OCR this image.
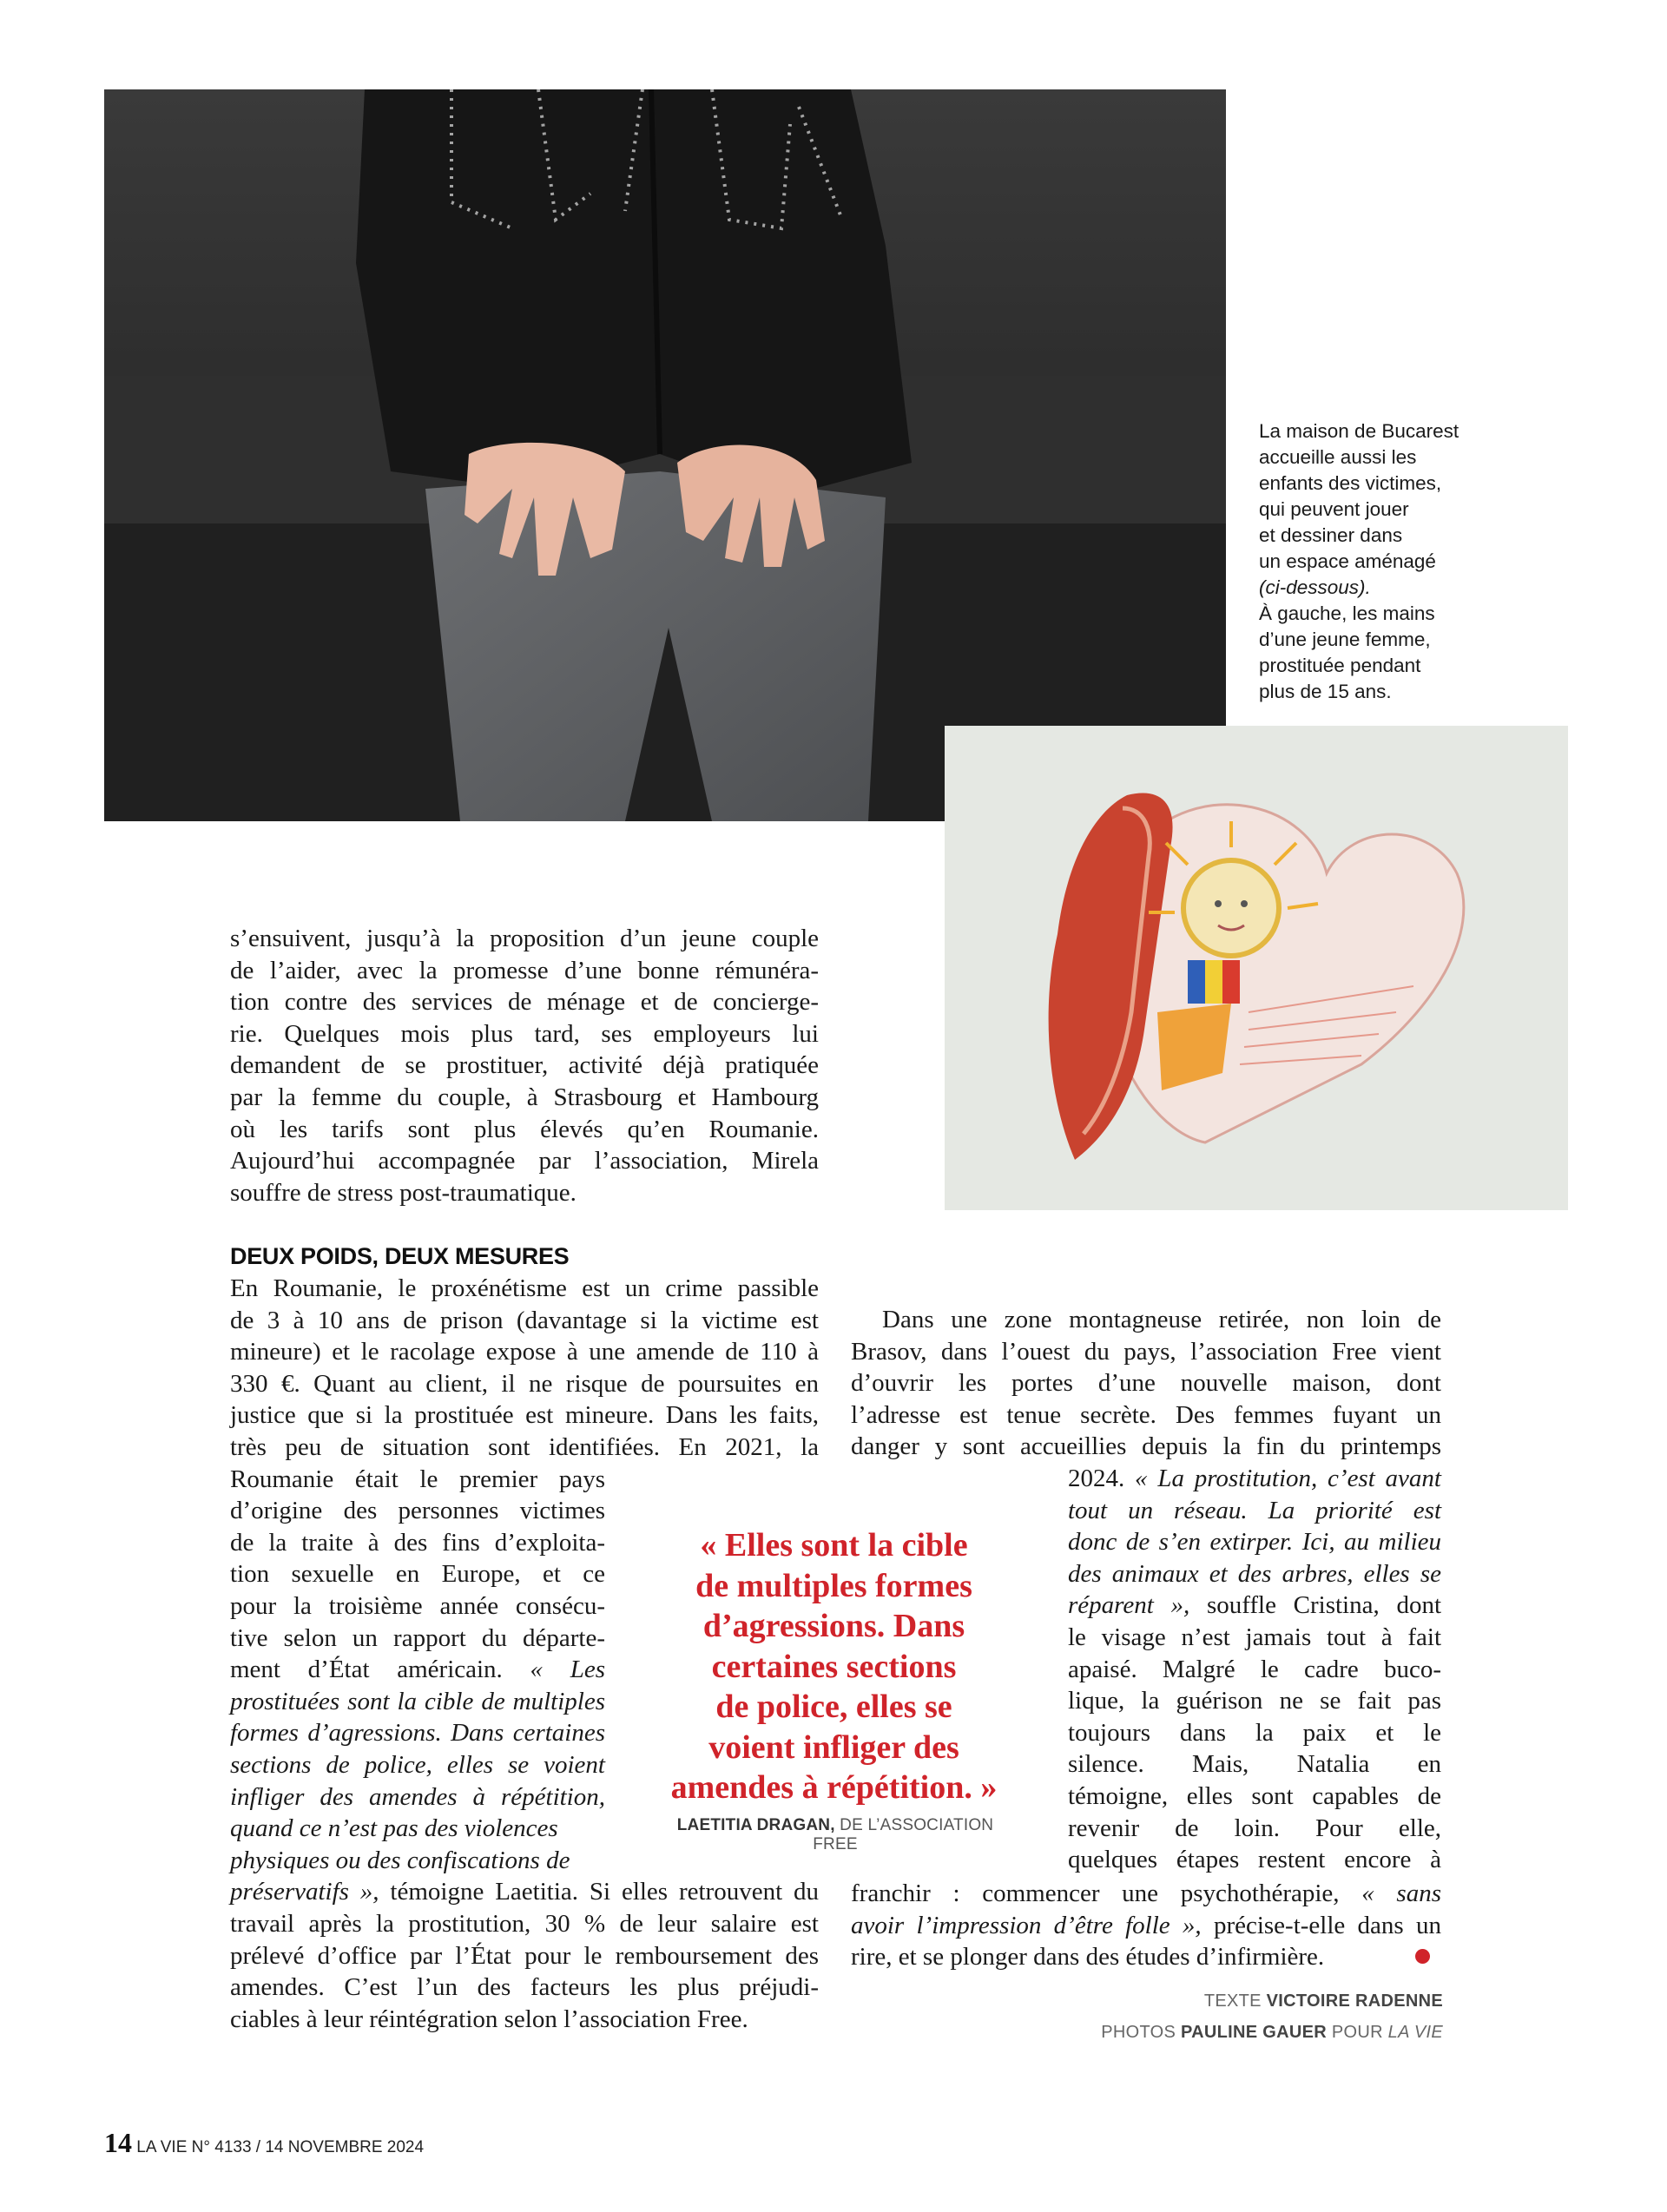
La maison de Bucarest
accueille aussi les
enfants des victimes,
qui peuvent jouer
et dessiner dans
un espace aménagé
(ci-dessous).
À gauche, les mains
d’une jeune femme,
prostituée pendant
plus de 15 ans.
s’ensuivent, jusqu’à la proposition d’un jeune couple
de l’aider, avec la promesse d’une bonne rémunéra-
tion contre des services de ménage et de concierge-
rie. Quelques mois plus tard, ses employeurs lui
demandent de se prostituer, activité déjà pratiquée
par la femme du couple, à Strasbourg et Hambourg
où les tarifs sont plus élevés qu’en Roumanie.
Aujourd’hui accompagnée par l’association, Mirela
souffre de stress post-traumatique.
DEUX POIDS, DEUX MESURES
En Roumanie, le proxénétisme est un crime passible
de 3 à 10 ans de prison (davantage si la victime est
mineure) et le racolage expose à une amende de 110 à
330 €. Quant au client, il ne risque de poursuites en
justice que si la prostituée est mineure. Dans les faits,
très peu de situation sont identifiées. En 2021, la
Roumanie était le premier pays
d’origine des personnes victimes
de la traite à des fins d’exploita-
tion sexuelle en Europe, et ce
pour la troisième année consécu-
tive selon un rapport du départe-
ment d’État américain. « Les
prostituées sont la cible de multiples
formes d’agressions. Dans certaines
sections de police, elles se voient
infliger des amendes à répétition,
quand ce n’est pas des violences
physiques ou des confiscations de
préservatifs », témoigne Laetitia. Si elles retrouvent du
travail après la prostitution, 30 % de leur salaire est
prélevé d’office par l’État pour le remboursement des
amendes. C’est l’un des facteurs les plus préjudi-
ciables à leur réintégration selon l’association Free.
« Elles sont la cible
de multiples formes
d’agressions. Dans
certaines sections
de police, elles se
voient infliger des
amendes à répétition. »
LAETITIA DRAGAN, DE L’ASSOCIATION FREE
Dans une zone montagneuse retirée, non loin de
Brasov, dans l’ouest du pays, l’association Free vient
d’ouvrir les portes d’une nouvelle maison, dont
l’adresse est tenue secrète. Des femmes fuyant un
danger y sont accueillies depuis la fin du printemps
2024. « La prostitution, c’est avant
tout un réseau. La priorité est
donc de s’en extirper. Ici, au milieu
des animaux et des arbres, elles se
réparent », souffle Cristina, dont
le visage n’est jamais tout à fait
apaisé. Malgré le cadre buco-
lique, la guérison ne se fait pas
toujours dans la paix et le
silence. Mais, Natalia en
témoigne, elles sont capables de
revenir de loin. Pour elle,
quelques étapes restent encore à
franchir : commencer une psychothérapie, « sans
avoir l’impression d’être folle », précise-t-elle dans un
rire, et se plonger dans des études d’infirmière.
TEXTE VICTOIRE RADENNE
PHOTOS PAULINE GAUER POUR LA VIE
14 LA VIE N° 4133 / 14 NOVEMBRE 2024
